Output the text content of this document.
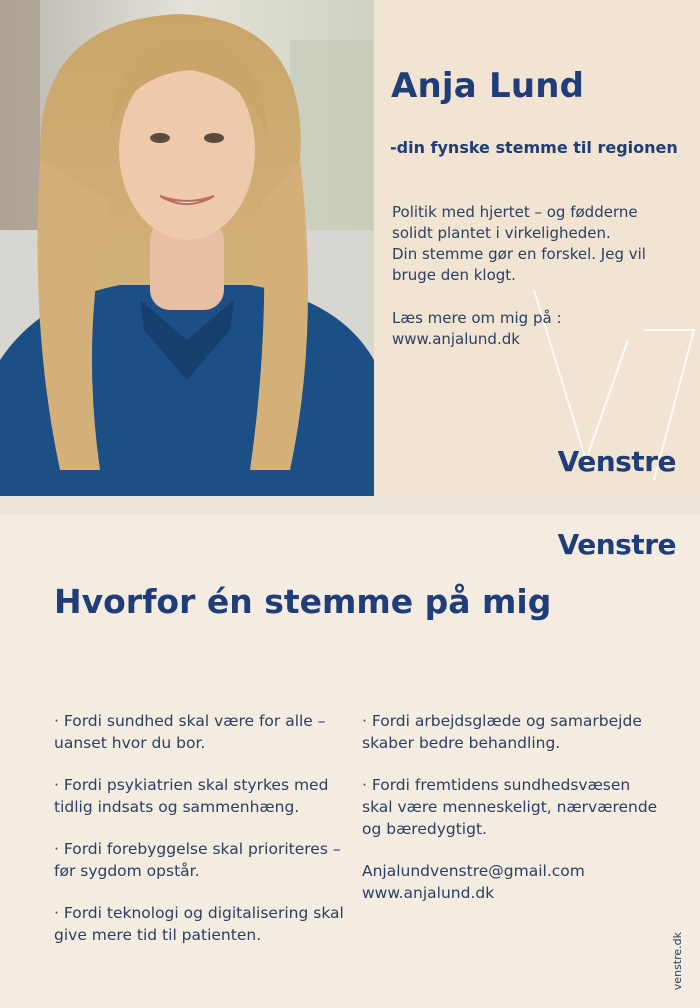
Anja Lund

-din fynske stemme til regionen

Politik med hjertet – og fødderne solidt plantet i virkeligheden.

Din stemme gør en forskel. Jeg vil bruge den klogt.

Læs mere om mig på :

www.anjalund.dk

Venstre
Venstre
Hvorfor én stemme på mig

· Fordi sundhed skal være for alle – uanset hvor du bor.

· Fordi psykiatrien skal styrkes med tidlig indsats og sammenhæng.

· Fordi forebyggelse skal prioriteres – før sygdom opstår.

· Fordi teknologi og digitalisering skal give mere tid til patienten.

· Fordi arbejdsglæde og samarbejde skaber bedre behandling.

· Fordi fremtidens sundhedsvæsen skal være menneskeligt, nærværende og bæredygtigt.

Anjalundvenstre@gmail.com

www.anjalund.dk

venstre.dk
